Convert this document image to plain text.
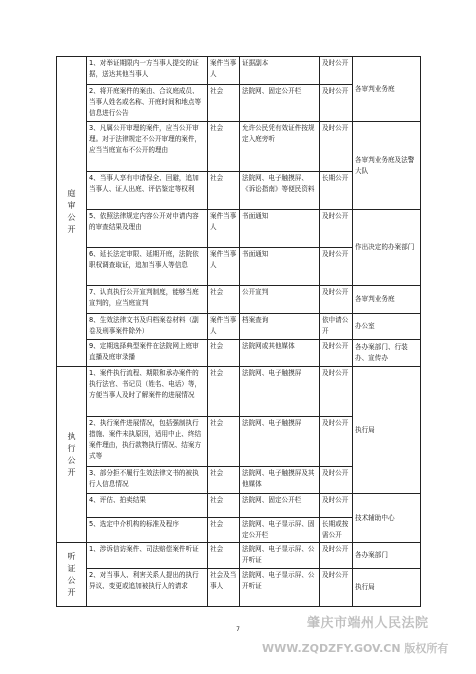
庭审公开	1、对举证期限内一方当事人提交的证据，送达其他当事人	案件当事人	证据副本	及时公开	各审判业务庭
	2、将开庭案件的案由、合议庭成员、当事人姓名或名称、开庭时间和地点等信息进行公告	社会	法院网、固定公开栏	及时公开	
	3、凡属公开审理的案件，应当公开审理。对于法律规定不公开审理的案件，应当当庭宣布不公开的理由	社会	允许公民凭有效证件按规定入庭旁听	及时公开	各审判业务庭及法警大队
	4、当事人享有申请保全、回避，追加当事人、证人出庭、评估鉴定等权利	社会	法院网、电子触摸屏、《诉讼指南》等便民资料	长期公开	
	5、依照法律规定内容公开对申请内容的审查结果及理由	案件当事人	书面通知	及时公开	作出决定的办案部门
	6、延长法定审限、延期开庭，法院依职权调查取证，追加当事人等信息	案件当事人	书面通知	及时公开	
	7、认真执行公开宣判制度，能够当庭宣判的，应当庭宣判	社会	公开宣判	及时公开	各审判业务庭
	8、生效法律文书及归档案卷材料（副卷及刑事案件除外）	案件当事人	档案查询	依申请公开	办公室
	9、定期选择典型案件在法院网上庭审直播及庭审录播	社会	法院网或其他媒体	及时公开	各办案部门、行装办、宣传办
执行公开	1、案件执行流程、期限和承办案件的执行法官、书记员（姓名、电话）等，方便当事人及时了解案件的进展情况	社会	法院网、电子触摸屏	及时公开	执行局
	2、执行案件进展情况，包括强制执行措施、案件未执原因，适用中止、终结案件理由，执行款物执行情况、结案方式等	社会	法院网、电子触摸屏	及时公开	
	3、部分拒不履行生效法律文书的被执行人信息情况	社会	法院网、电子触摸屏及其他媒体	及时公开	
	4、评估、拍卖结果	社会	法院网、固定公开栏	及时公开	技术辅助中心
	5、选定中介机构的标准及程序	社会	法院网、电子显示屏、固定公开栏	长期或按需公开	
听证公开	1、涉诉信访案件、司法赔偿案件听证	社会	法院网、电子显示屏、公开听证	及时公开	各办案部门
	2、对当事人、利害关系人提出的执行异议、变更或追加被执行人的请求	社会及当事人	法院网、电子显示屏、公开听证	及时公开	执行局
7	肇庆市端州人民法院
WWW.ZQDZFY.GOV.CN 版权所有
